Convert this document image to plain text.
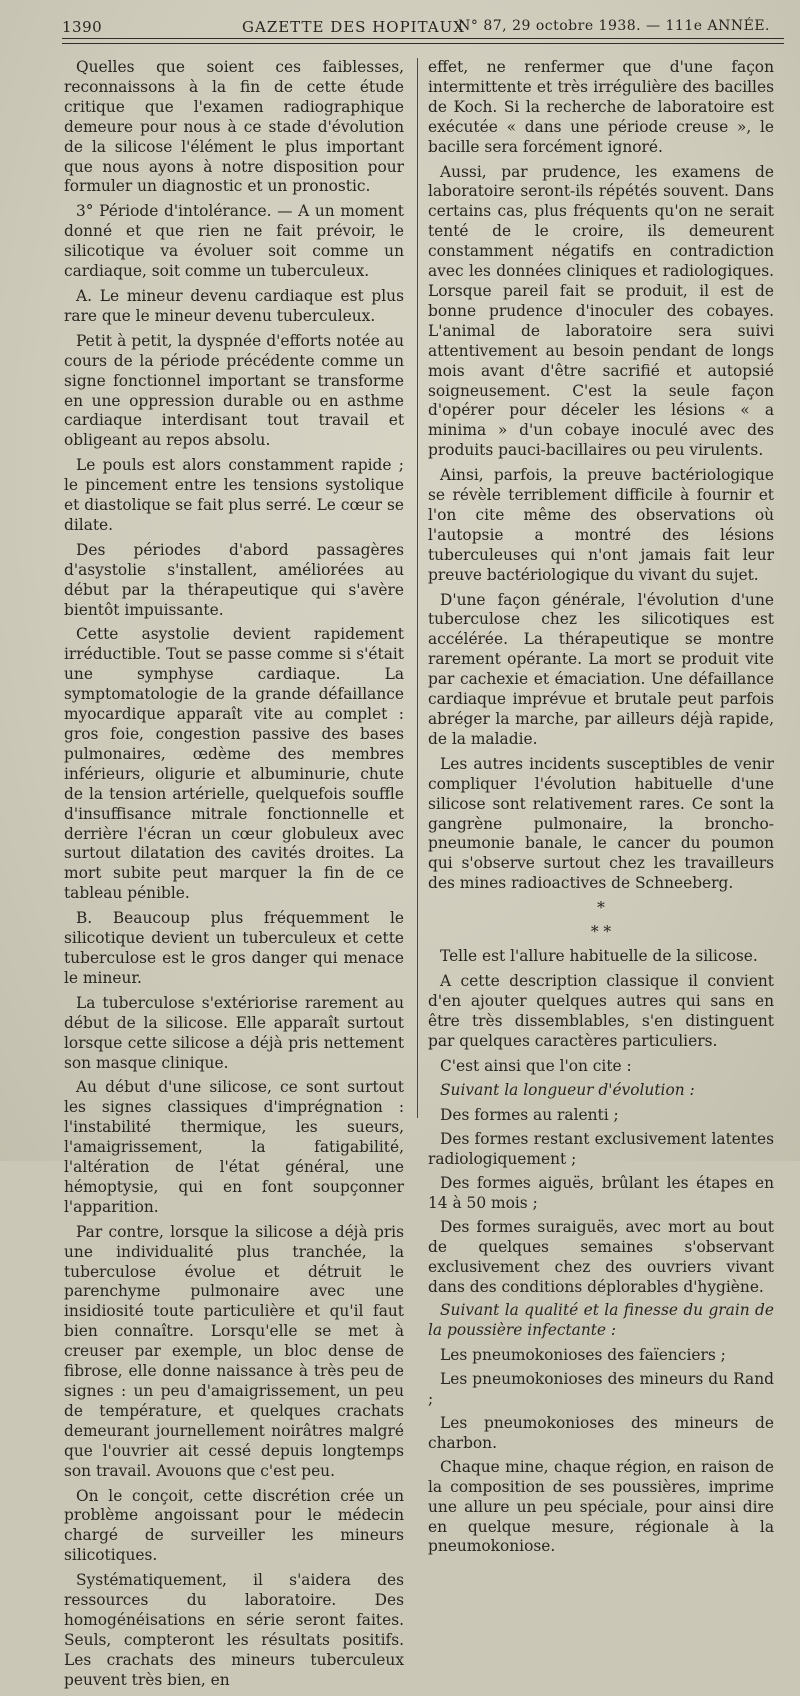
1390	GAZETTE DES HOPITAUX
N° 87, 29 octobre 1938. — 111e ANNÉE.

Quelles que soient ces faiblesses, reconnaissons à la fin de cette étude critique que l'examen radiographique demeure pour nous à ce stade d'évolution de la silicose l'élément le plus important que nous ayons à notre disposition pour formuler un diagnostic et un pronostic.

3° Période d'intolérance. — A un moment donné et que rien ne fait prévoir, le silicotique va évoluer soit comme un cardiaque, soit comme un tuberculeux.

A. Le mineur devenu cardiaque est plus rare que le mineur devenu tuberculeux.

Petit à petit, la dyspnée d'efforts notée au cours de la période précédente comme un signe fonctionnel important se transforme en une oppression durable ou en asthme cardiaque interdisant tout travail et obligeant au repos absolu.

Le pouls est alors constamment rapide ; le pincement entre les tensions systolique et diastolique se fait plus serré. Le cœur se dilate.

Des périodes d'abord passagères d'asystolie s'installent, améliorées au début par la thérapeutique qui s'avère bientôt impuissante.

Cette asystolie devient rapidement irréductible. Tout se passe comme si s'était une symphyse cardiaque. La symptomatologie de la grande défaillance myocardique apparaît vite au complet : gros foie, congestion passive des bases pulmonaires, œdème des membres inférieurs, oligurie et albuminurie, chute de la tension artérielle, quelquefois souffle d'insuffisance mitrale fonctionnelle et derrière l'écran un cœur globuleux avec surtout dilatation des cavités droites. La mort subite peut marquer la fin de ce tableau pénible.

B. Beaucoup plus fréquemment le silicotique devient un tuberculeux et cette tuberculose est le gros danger qui menace le mineur.

La tuberculose s'extériorise rarement au début de la silicose. Elle apparaît surtout lorsque cette silicose a déjà pris nettement son masque clinique.

Au début d'une silicose, ce sont surtout les signes classiques d'imprégnation : l'instabilité thermique, les sueurs, l'amaigrissement, la fatigabilité, l'altération de l'état général, une hémoptysie, qui en font soupçonner l'apparition.

Par contre, lorsque la silicose a déjà pris une individualité plus tranchée, la tuberculose évolue et détruit le parenchyme pulmonaire avec une insidiosité toute particulière et qu'il faut bien connaître. Lorsqu'elle se met à creuser par exemple, un bloc dense de fibrose, elle donne naissance à très peu de signes : un peu d'amaigrissement, un peu de température, et quelques crachats demeurant journellement noirâtres malgré que l'ouvrier ait cessé depuis longtemps son travail. Avouons que c'est peu.

On le conçoit, cette discrétion crée un problème angoissant pour le médecin chargé de surveiller les mineurs silicotiques.

Systématiquement, il s'aidera des ressources du laboratoire. Des homogénéisations en série seront faites. Seuls, compteront les résultats positifs. Les crachats des mineurs tuberculeux peuvent très bien, en

effet, ne renfermer que d'une façon intermittente et très irrégulière des bacilles de Koch. Si la recherche de laboratoire est exécutée « dans une période creuse », le bacille sera forcément ignoré.

Aussi, par prudence, les examens de laboratoire seront-ils répétés souvent. Dans certains cas, plus fréquents qu'on ne serait tenté de le croire, ils demeurent constamment négatifs en contradiction avec les données cliniques et radiologiques. Lorsque pareil fait se produit, il est de bonne prudence d'inoculer des cobayes. L'animal de laboratoire sera suivi attentivement au besoin pendant de longs mois avant d'être sacrifié et autopsié soigneusement. C'est la seule façon d'opérer pour déceler les lésions « a minima » d'un cobaye inoculé avec des produits pauci-bacillaires ou peu virulents.

Ainsi, parfois, la preuve bactériologique se révèle terriblement difficile à fournir et l'on cite même des observations où l'autopsie a montré des lésions tuberculeuses qui n'ont jamais fait leur preuve bactériologique du vivant du sujet.

D'une façon générale, l'évolution d'une tuberculose chez les silicotiques est accélérée. La thérapeutique se montre rarement opérante. La mort se produit vite par cachexie et émaciation. Une défaillance cardiaque imprévue et brutale peut parfois abréger la marche, par ailleurs déjà rapide, de la maladie.

Les autres incidents susceptibles de venir compliquer l'évolution habituelle d'une silicose sont relativement rares. Ce sont la gangrène pulmonaire, la broncho-pneumonie banale, le cancer du poumon qui s'observe surtout chez les travailleurs des mines radioactives de Schneeberg.

*

* *

Telle est l'allure habituelle de la silicose.

A cette description classique il convient d'en ajouter quelques autres qui sans en être très dissemblables, s'en distinguent par quelques caractères particuliers.

C'est ainsi que l'on cite :

Suivant la longueur d'évolution :

Des formes au ralenti ;

Des formes restant exclusivement latentes radiologiquement ;

Des formes aiguës, brûlant les étapes en 14 à 50 mois ;

Des formes suraiguës, avec mort au bout de quelques semaines s'observant exclusivement chez des ouvriers vivant dans des conditions déplorables d'hygiène.

Suivant la qualité et la finesse du grain de la poussière infectante :

Les pneumokonioses des faïenciers ;

Les pneumokonioses des mineurs du Rand ;

Les pneumokonioses des mineurs de charbon.

Chaque mine, chaque région, en raison de la composition de ses poussières, imprime une allure un peu spéciale, pour ainsi dire en quelque mesure, régionale à la pneumokoniose.
